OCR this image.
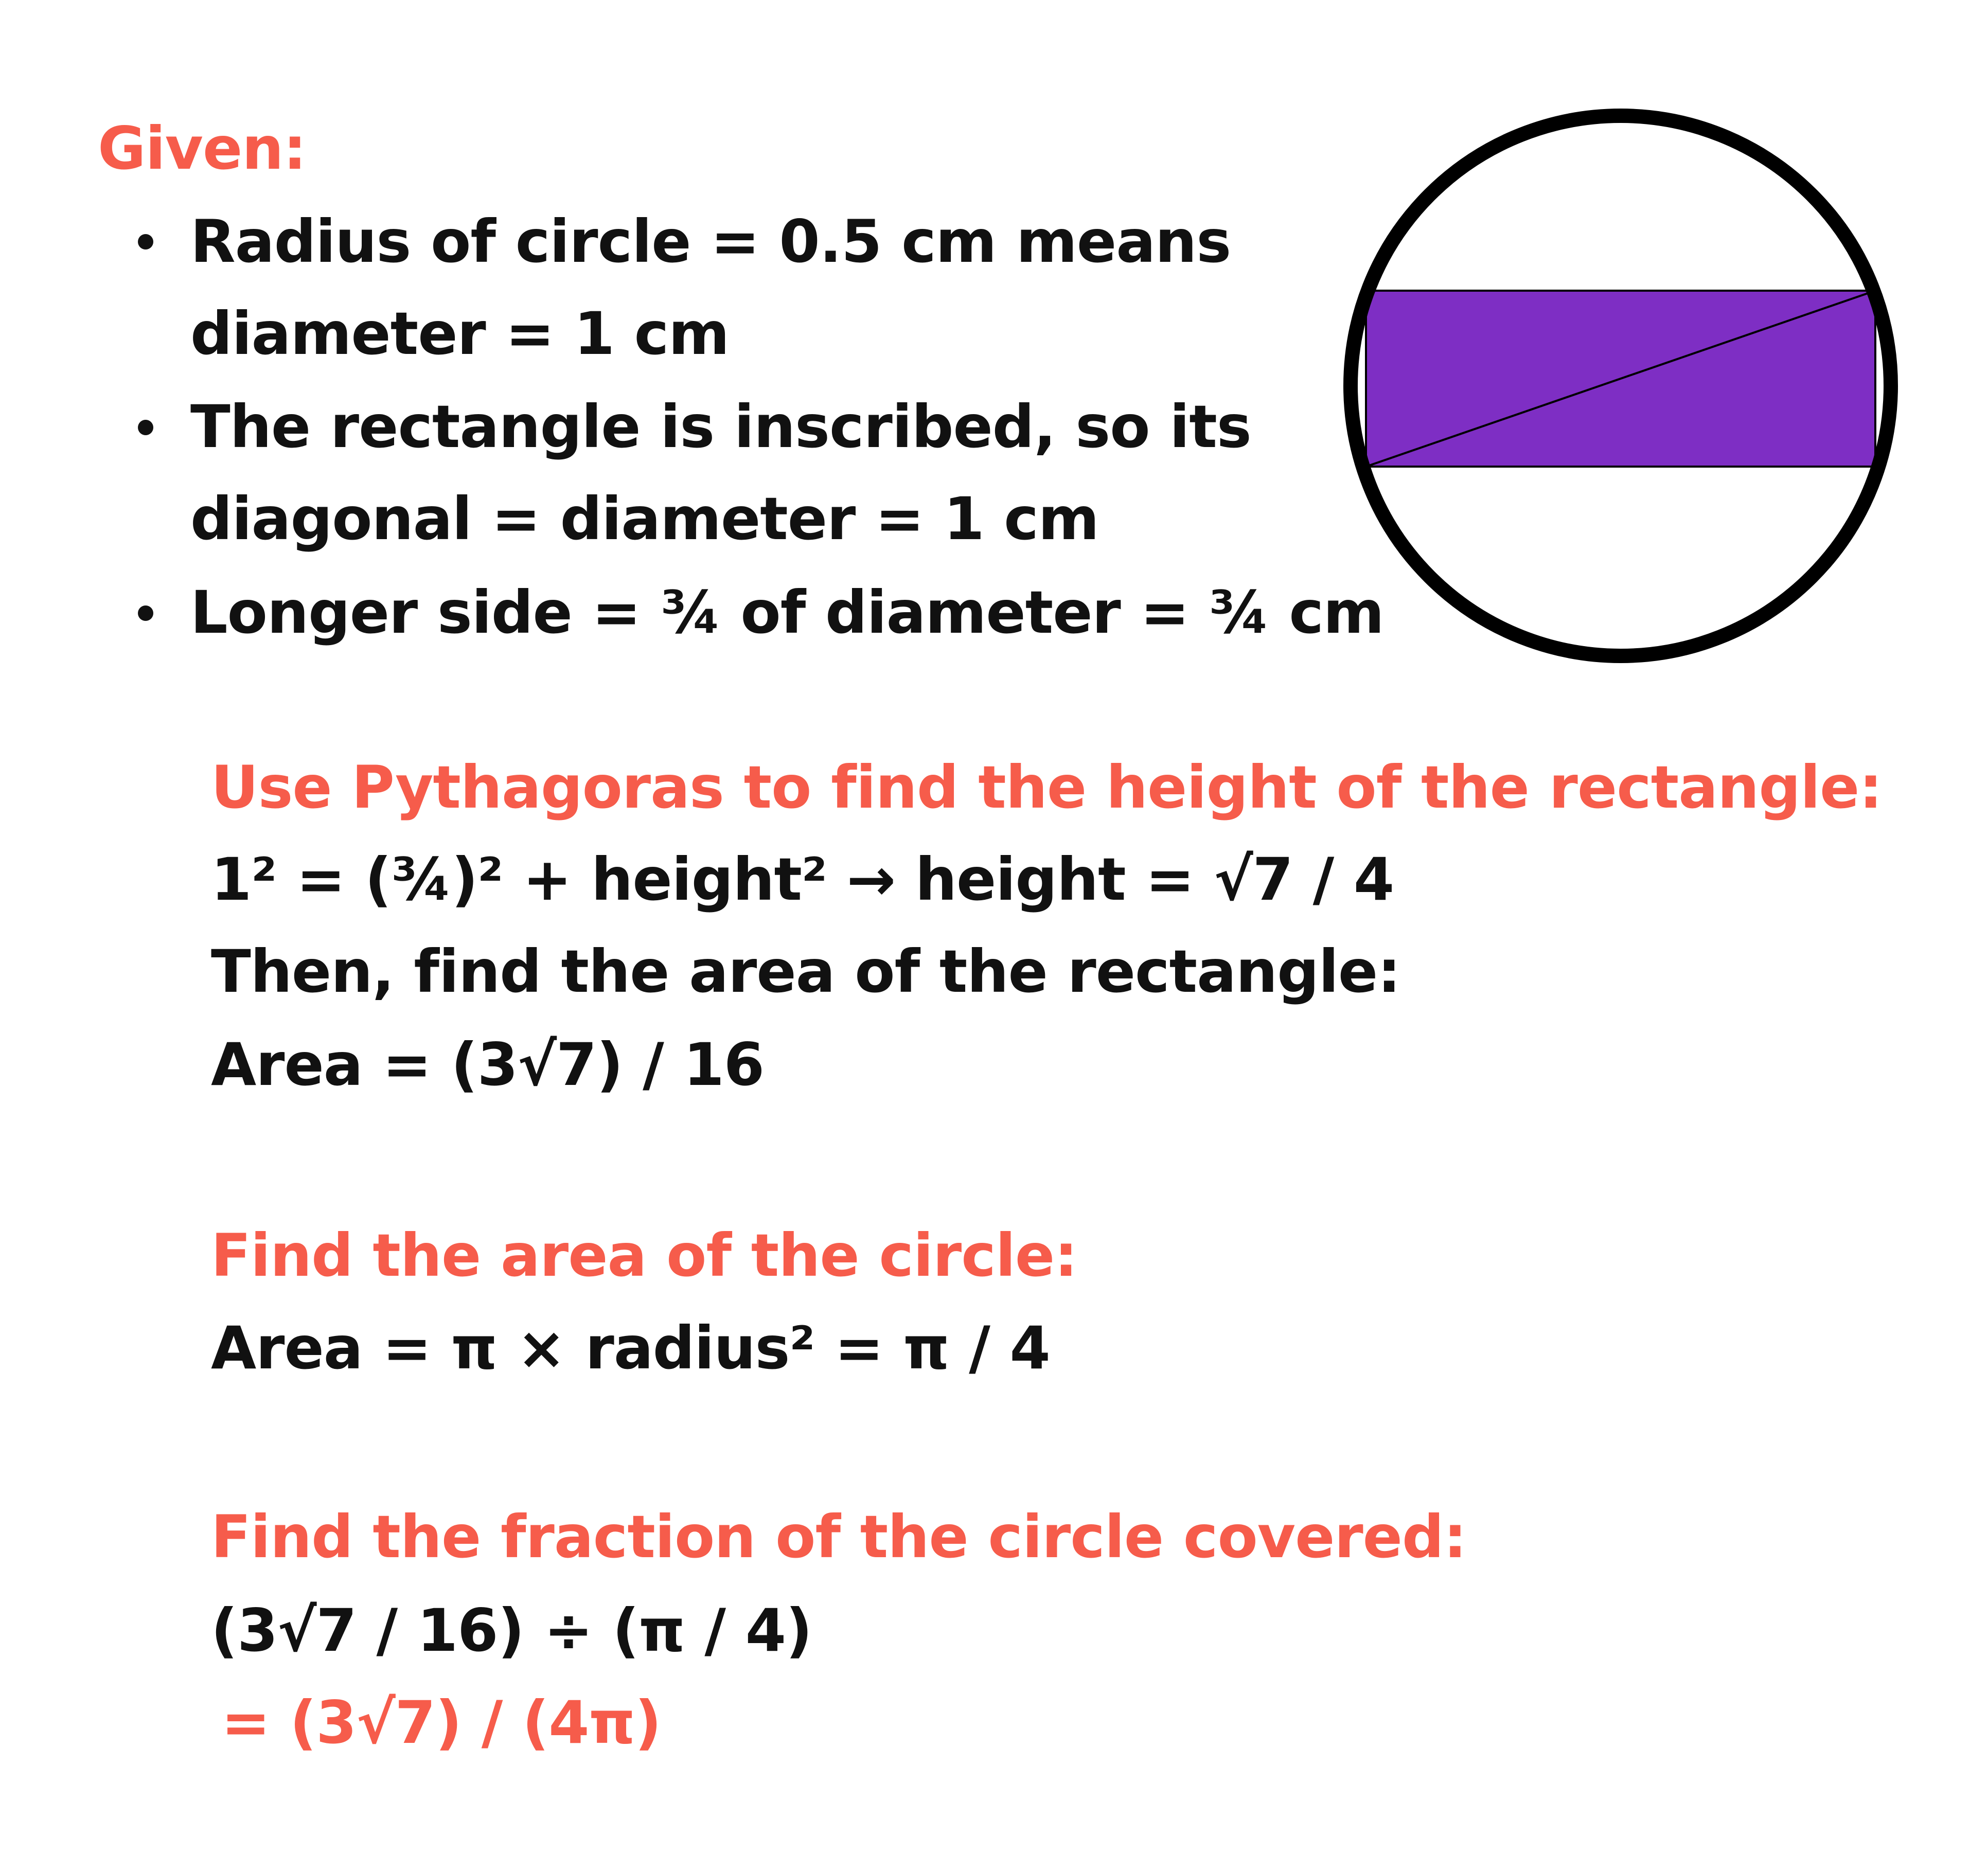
Given:
Radius of circle = 0.5 cm means
diameter = 1 cm
The rectangle is inscribed, so its
diagonal = diameter = 1 cm
Longer side = ¾ of diameter = ¾ cm
Use Pythagoras to find the height of the rectangle:
1² = (¾)² + height² → height = √7 / 4
Then, find the area of the rectangle:
Area = (3√7) / 16
Find the area of the circle:
Area = π × radius² = π / 4
Find the fraction of the circle covered:
(3√7 / 16) ÷ (π / 4)
= (3√7) / (4π)
